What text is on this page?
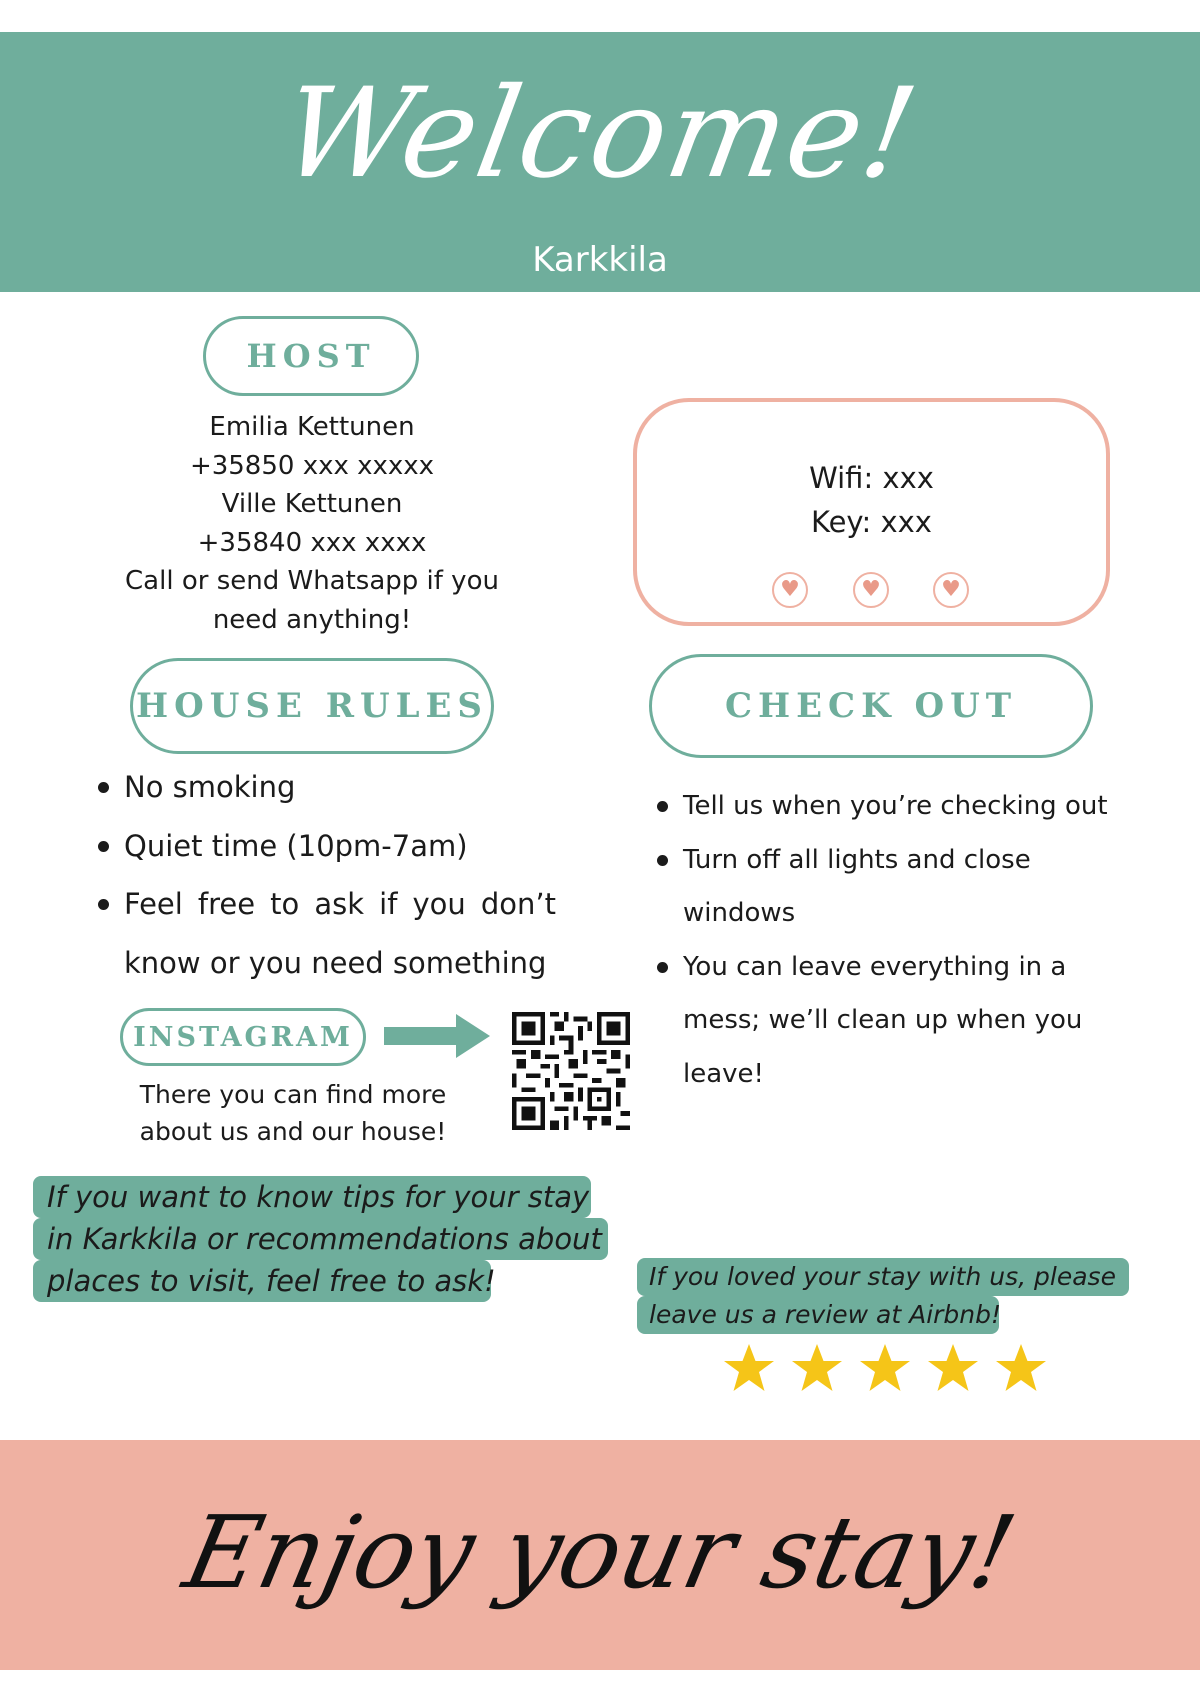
Welcome!
Karkkila
HOST
Emilia Kettunen
+35850 xxx xxxxx
Ville Kettunen
+35840 xxx xxxx
Call or send Whatsapp if you
need anything!
Wifi: xxx
Key: xxx
♥	♥	♥
HOUSE RULES
No smoking
Quiet time (10pm-7am)
Feel free to ask if you don’t know or you need something
CHECK OUT
Tell us when you’re checking out
Turn off all lights and close windows
You can leave everything in a mess; we’ll clean up when you leave!
INSTAGRAM
There you can find more
about us and our house!
If you want to know tips for your stay
in Karkkila or recommendations about
places to visit, feel free to ask!	If you loved your stay with us, please
leave us a review at Airbnb!
Enjoy your stay!
